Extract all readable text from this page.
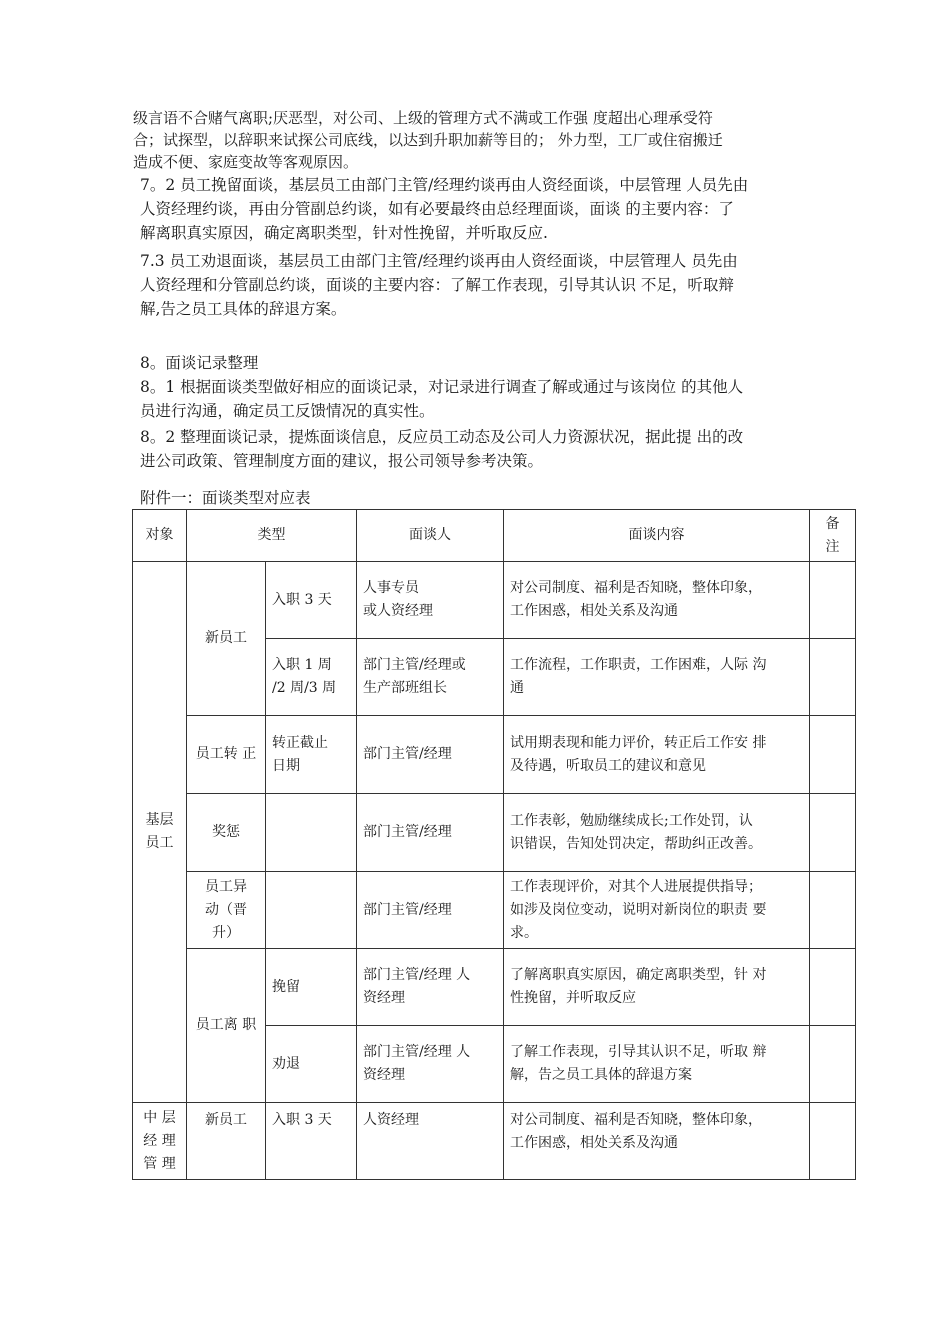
级言语不合赌气离职;厌恶型，对公司、上级的管理方式不满或工作强 度超出心理承受符

合；试探型，以辞职来试探公司底线，以达到升职加薪等目的； 外力型，工厂或住宿搬迁

造成不便、家庭变故等客观原因。

7。2 员工挽留面谈，基层员工由部门主管/经理约谈再由人资经面谈，中层管理 人员先由

人资经理约谈，再由分管副总约谈，如有必要最终由总经理面谈，面谈 的主要内容：了

解离职真实原因，确定离职类型，针对性挽留，并听取反应.

7.3 员工劝退面谈，基层员工由部门主管/经理约谈再由人资经面谈，中层管理人 员先由

人资经理和分管副总约谈，面谈的主要内容：了解工作表现，引导其认识 不足，听取辩

解,告之员工具体的辞退方案。

8。面谈记录整理

8。1 根据面谈类型做好相应的面谈记录，对记录进行调查了解或通过与该岗位 的其他人

员进行沟通，确定员工反馈情况的真实性。

8。2 整理面谈记录，提炼面谈信息，反应员工动态及公司人力资源状况，据此提 出的改

进公司政策、管理制度方面的建议，报公司领导参考决策。

附件一：面谈类型对应表
对象	类型		面谈人	面谈内容	备
注

基层
员工	新员工	入职 3 天	人事专员
或人资经理	对公司制度、福利是否知晓，整体印象，
工作困惑，相处关系及沟通	

		入职 1 周
/2 周/3 周	部门主管/经理或
生产部班组长	工作流程，工作职责，工作困难，人际 沟
通	

	员工转 正	转正截止
日期	部门主管/经理	试用期表现和能力评价，转正后工作安 排
及待遇，听取员工的建议和意见	

	奖惩		部门主管/经理	工作表彰，勉励继续成长;工作处罚，认
识错误，告知处罚决定，帮助纠正改善。	

	员工异
动（晋
升）		部门主管/经理	工作表现评价，对其个人进展提供指导；
如涉及岗位变动，说明对新岗位的职责 要
求。	

	员工离 职	挽留	部门主管/经理 人
资经理	了解离职真实原因，确定离职类型，针 对
性挽留，并听取反应	

		劝退	部门主管/经理 人
资经理	了解工作表现，引导其认识不足，听取 辩
解，告之员工具体的辞退方案	

中 层
经 理
管 理	新员工	入职 3 天	人资经理	对公司制度、福利是否知晓，整体印象，
工作困惑，相处关系及沟通	
